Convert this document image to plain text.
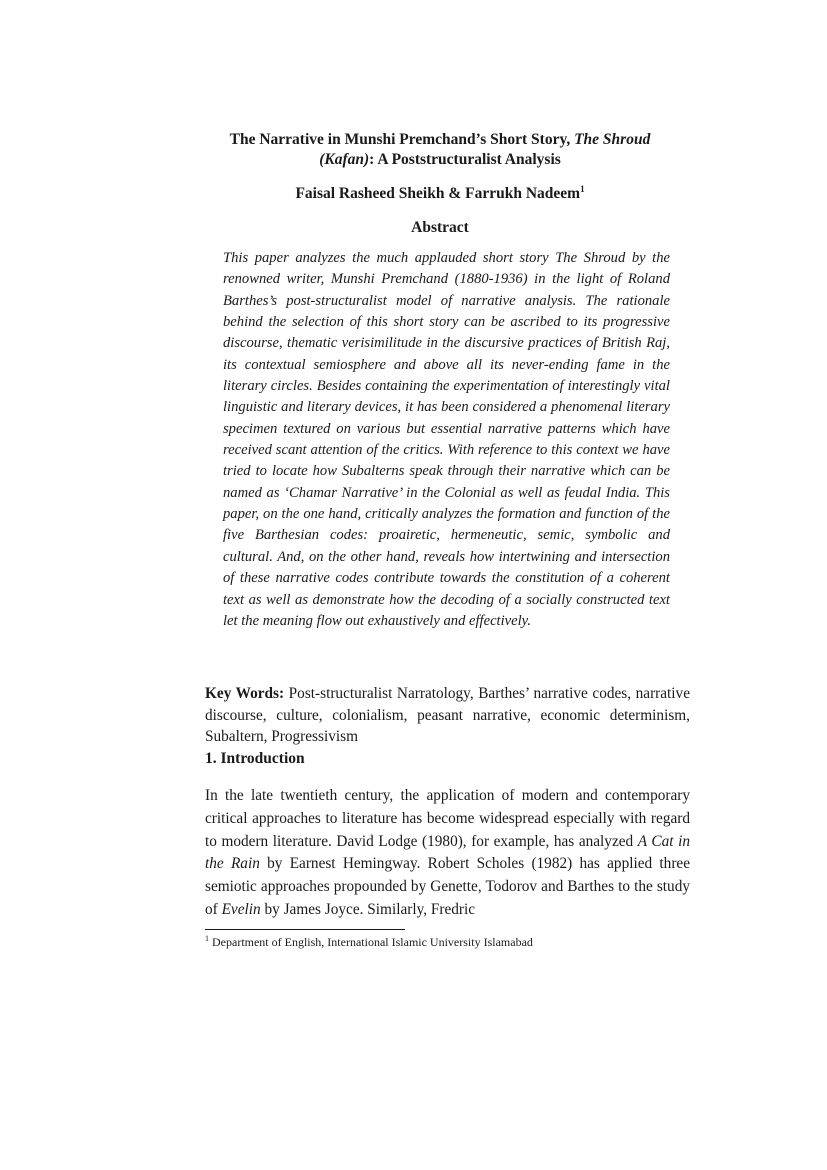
The Narrative in Munshi Premchand’s Short Story, The Shroud
(Kafan): A Poststructuralist Analysis
Faisal Rasheed Sheikh & Farrukh Nadeem$^1$
Abstract

This paper analyzes the much applauded short story The Shroud by the renowned writer, Munshi Premchand (1880-1936) in the light of Roland Barthes’s post-structuralist model of narrative analysis. The rationale behind the selection of this short story can be ascribed to its progressive discourse, thematic verisimilitude in the discursive practices of British Raj, its contextual semiosphere and above all its never-ending fame in the literary circles. Besides containing the experimentation of interestingly vital linguistic and literary devices, it has been considered a phenomenal literary specimen textured on various but essential narrative patterns which have received scant attention of the critics. With reference to this context we have tried to locate how Subalterns speak through their narrative which can be named as ‘Chamar Narrative’ in the Colonial as well as feudal India. This paper, on the one hand, critically analyzes the formation and function of the five Barthesian codes: proairetic, hermeneutic, semic, symbolic and cultural. And, on the other hand, reveals how intertwining and intersection of these narrative codes contribute towards the constitution of a coherent text as well as demonstrate how the decoding of a socially constructed text let the meaning flow out exhaustively and effectively.

Key Words: Post-structuralist Narratology, Barthes’ narrative codes, narrative discourse, culture, colonialism, peasant narrative, economic determinism, Subaltern, Progressivism

1. Introduction

In the late twentieth century, the application of modern and contemporary critical approaches to literature has become widespread especially with regard to modern literature. David Lodge (1980), for example, has analyzed A Cat in the Rain by Earnest Hemingway. Robert Scholes (1982) has applied three semiotic approaches propounded by Genette, Todorov and Barthes to the study of Evelin by James Joyce. Similarly, Fredric

$^1$ Department of English, International Islamic University Islamabad
